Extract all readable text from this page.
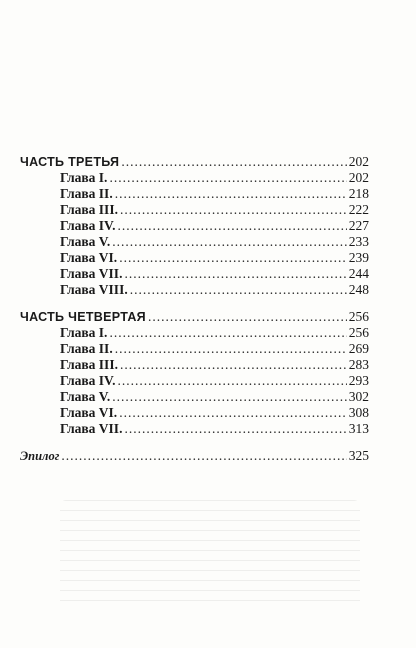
ЧАСТЬ ТРЕТЬЯ .....	202
Глава I. .....	202
Глава II. .....	218
Глава III. .....	222
Глава IV. .....	227
Глава V. .....	233
Глава VI. .....	239
Глава VII. .....	244
Глава VIII. .....	248
ЧАСТЬ ЧЕТВЕРТАЯ .....	256
Глава I. .....	256
Глава II. .....	269
Глава III. .....	283
Глава IV. .....	293
Глава V. .....	302
Глава VI. .....	308
Глава VII. .....	313
Эпилог .....	325
